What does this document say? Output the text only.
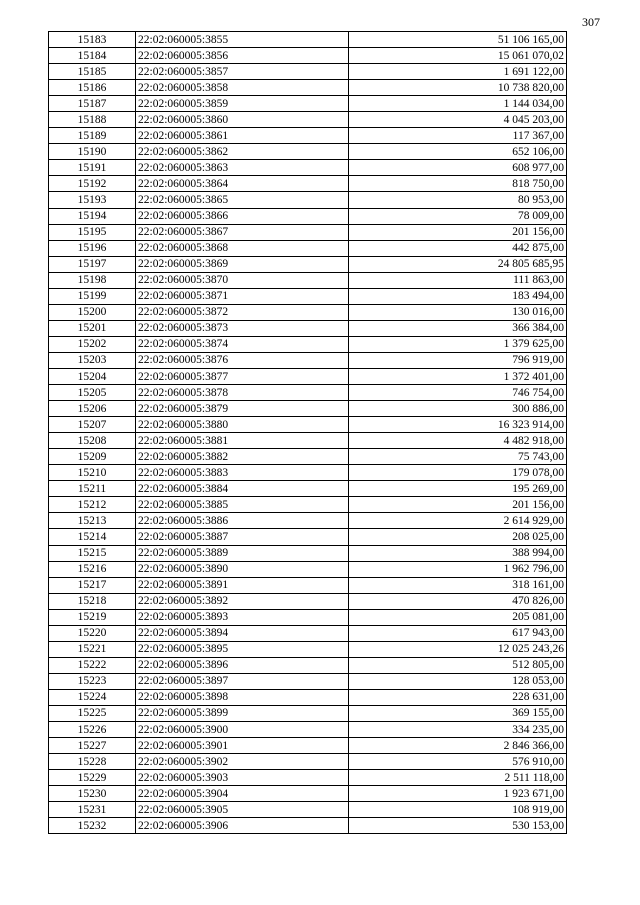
307
15183	22:02:060005:3855	51 106 165,00
15184	22:02:060005:3856	15 061 070,02
15185	22:02:060005:3857	1 691 122,00
15186	22:02:060005:3858	10 738 820,00
15187	22:02:060005:3859	1 144 034,00
15188	22:02:060005:3860	4 045 203,00
15189	22:02:060005:3861	117 367,00
15190	22:02:060005:3862	652 106,00
15191	22:02:060005:3863	608 977,00
15192	22:02:060005:3864	818 750,00
15193	22:02:060005:3865	80 953,00
15194	22:02:060005:3866	78 009,00
15195	22:02:060005:3867	201 156,00
15196	22:02:060005:3868	442 875,00
15197	22:02:060005:3869	24 805 685,95
15198	22:02:060005:3870	111 863,00
15199	22:02:060005:3871	183 494,00
15200	22:02:060005:3872	130 016,00
15201	22:02:060005:3873	366 384,00
15202	22:02:060005:3874	1 379 625,00
15203	22:02:060005:3876	796 919,00
15204	22:02:060005:3877	1 372 401,00
15205	22:02:060005:3878	746 754,00
15206	22:02:060005:3879	300 886,00
15207	22:02:060005:3880	16 323 914,00
15208	22:02:060005:3881	4 482 918,00
15209	22:02:060005:3882	75 743,00
15210	22:02:060005:3883	179 078,00
15211	22:02:060005:3884	195 269,00
15212	22:02:060005:3885	201 156,00
15213	22:02:060005:3886	2 614 929,00
15214	22:02:060005:3887	208 025,00
15215	22:02:060005:3889	388 994,00
15216	22:02:060005:3890	1 962 796,00
15217	22:02:060005:3891	318 161,00
15218	22:02:060005:3892	470 826,00
15219	22:02:060005:3893	205 081,00
15220	22:02:060005:3894	617 943,00
15221	22:02:060005:3895	12 025 243,26
15222	22:02:060005:3896	512 805,00
15223	22:02:060005:3897	128 053,00
15224	22:02:060005:3898	228 631,00
15225	22:02:060005:3899	369 155,00
15226	22:02:060005:3900	334 235,00
15227	22:02:060005:3901	2 846 366,00
15228	22:02:060005:3902	576 910,00
15229	22:02:060005:3903	2 511 118,00
15230	22:02:060005:3904	1 923 671,00
15231	22:02:060005:3905	108 919,00
15232	22:02:060005:3906	530 153,00
